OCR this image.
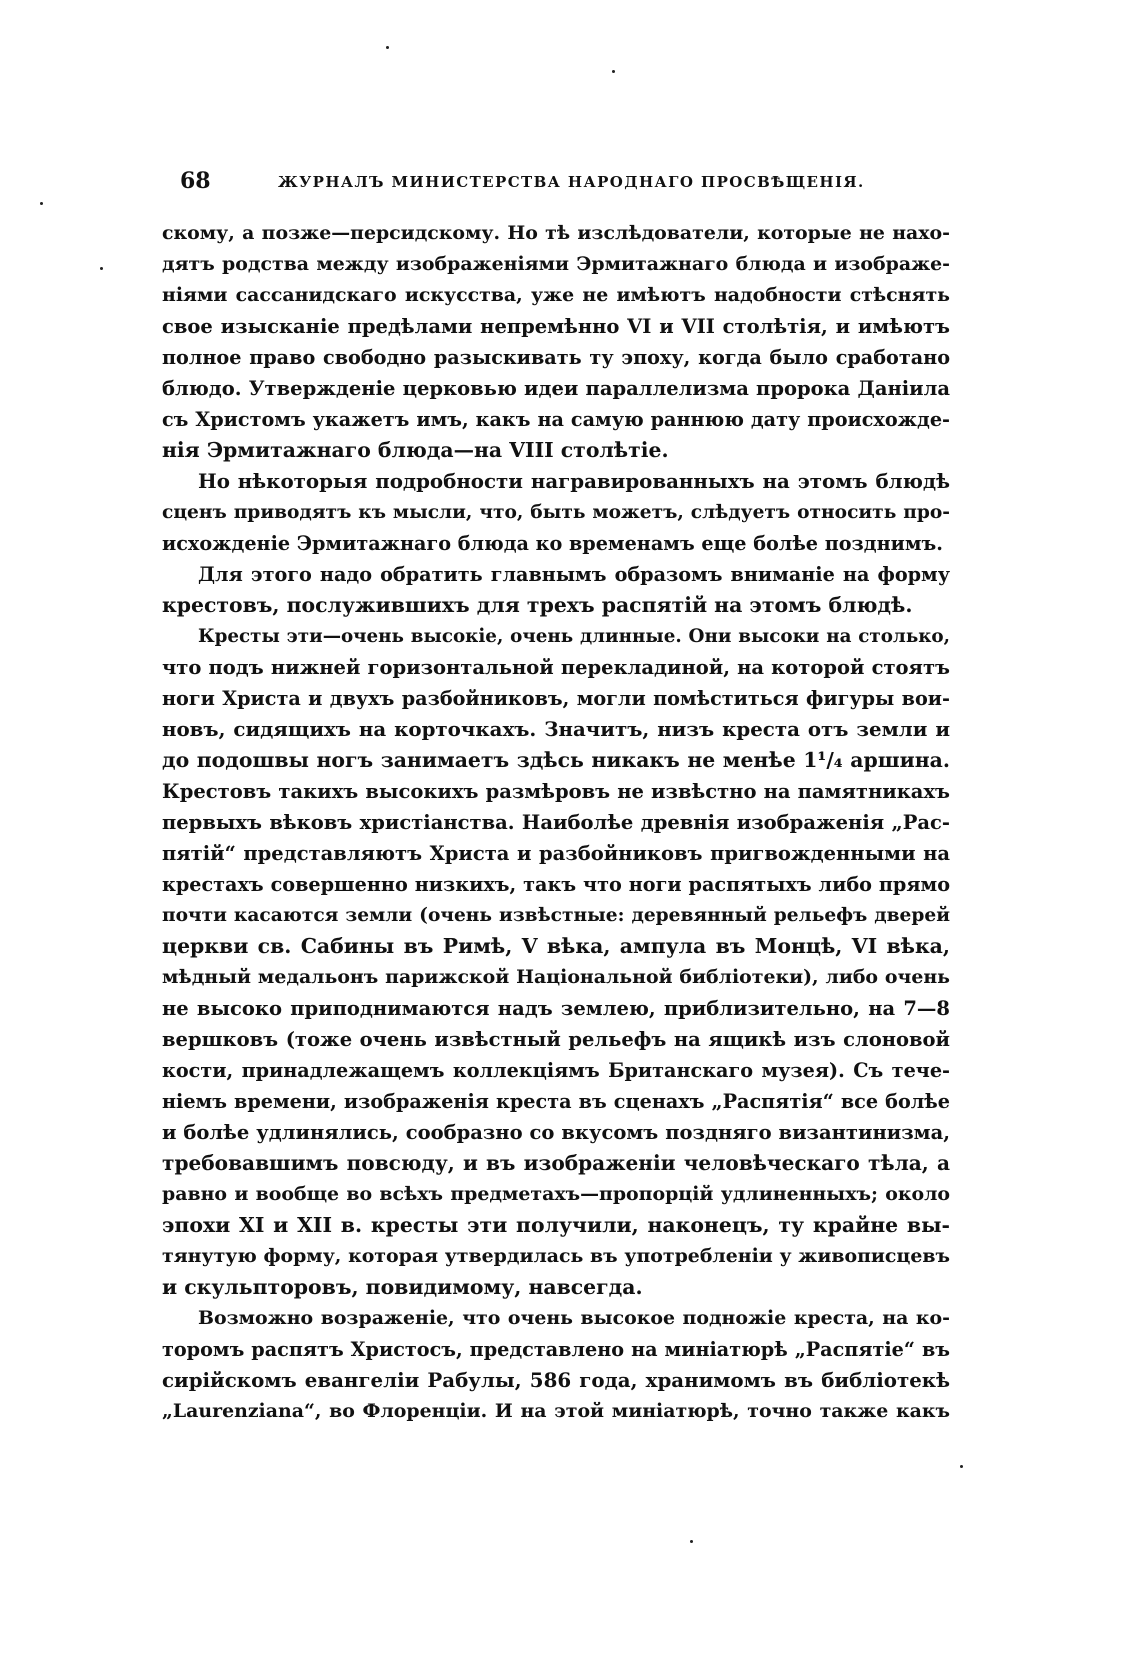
68	ЖУРНАЛЪ МИНИСТЕРСТВА НАРОДНАГО ПРОСВѢЩЕНІЯ.

скому, а позже—персидскому. Но тѣ изслѣдователи, которые не нахо-
дятъ родства между изображеніями Эрмитажнаго блюда и изображе-
ніями сассанидскаго искусства, уже не имѣютъ надобности стѣснять
свое изысканіе предѣлами непремѣнно VI и VII столѣтія, и имѣютъ
полное право свободно разыскивать ту эпоху, когда было сработано
блюдо. Утвержденіе церковью идеи параллелизма пророка Даніила
съ Христомъ укажетъ имъ, какъ на самую раннюю дату происхожде-
нія Эрмитажнаго блюда—на VIII столѣтіе.

Но нѣкоторыя подробности награвированныхъ на этомъ блюдѣ
сценъ приводятъ къ мысли, что, быть можетъ, слѣдуетъ относить про-
исхожденіе Эрмитажнаго блюда ко временамъ еще болѣе позднимъ.

Для этого надо обратить главнымъ образомъ вниманіе на форму
крестовъ, послужившихъ для трехъ распятій на этомъ блюдѣ.

Кресты эти—очень высокіе, очень длинные. Они высоки на столько,
что подъ нижней горизонтальной перекладиной, на которой стоятъ
ноги Христа и двухъ разбойниковъ, могли помѣститься фигуры вои-
новъ, сидящихъ на корточкахъ. Значитъ, низъ креста отъ земли и
до подошвы ногъ занимаетъ здѣсь никакъ не менѣе 1¹/₄ аршина.
Крестовъ такихъ высокихъ размѣровъ не извѣстно на памятникахъ
первыхъ вѣковъ христіанства. Наиболѣе древнія изображенія „Рас-
пятій“ представляютъ Христа и разбойниковъ пригвожденными на
крестахъ совершенно низкихъ, такъ что ноги распятыхъ либо прямо
почти касаются земли (очень извѣстные: деревянный рельефъ дверей
церкви св. Сабины въ Римѣ, V вѣка, ампула въ Монцѣ, VI вѣка,
мѣдный медальонъ парижской Національной библіотеки), либо очень
не высоко приподнимаются надъ землею, приблизительно, на 7—8
вершковъ (тоже очень извѣстный рельефъ на ящикѣ изъ слоновой
кости, принадлежащемъ коллекціямъ Британскаго музея). Съ тече-
ніемъ времени, изображенія креста въ сценахъ „Распятія“ все болѣе
и болѣе удлинялись, сообразно со вкусомъ поздняго византинизма,
требовавшимъ повсюду, и въ изображеніи человѣческаго тѣла, а
равно и вообще во всѣхъ предметахъ—пропорцій удлиненныхъ; около
эпохи XI и XII в. кресты эти получили, наконецъ, ту крайне вы-
тянутую форму, которая утвердилась въ употребленіи у живописцевъ
и скульпторовъ, повидимому, навсегда.

Возможно возраженіе, что очень высокое подножіе креста, на ко-
торомъ распятъ Христосъ, представлено на миніатюрѣ „Распятіе“ въ
сирійскомъ евангеліи Рабулы, 586 года, хранимомъ въ библіотекѣ
„Laurenziana“, во Флоренціи. И на этой миніатюрѣ, точно также какъ
